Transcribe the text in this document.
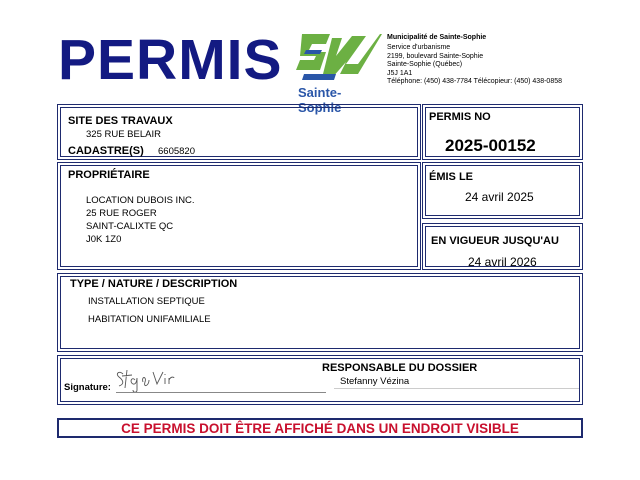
PERMIS
Sainte-Sophie
Municipalité de Sainte-Sophie
Service d'urbanisme
2199, boulevard Sainte-Sophie
Sainte-Sophie (Québec)
J5J 1A1
Téléphone: (450) 438-7784 Télécopieur: (450) 438-0858
SITE DES TRAVAUX
325 RUE BELAIR
CADASTRE(S) 6605820
PERMIS NO
2025-00152
PROPRIÉTAIRE
LOCATION DUBOIS INC.
25 RUE ROGER
SAINT-CALIXTE QC
J0K 1Z0
ÉMIS LE
24 avril 2025
EN VIGUEUR JUSQU'AU
24 avril 2026
TYPE / NATURE / DESCRIPTION
INSTALLATION SEPTIQUE
HABITATION UNIFAMILIALE
Signature:
RESPONSABLE DU DOSSIER
Stefanny Vézina
CE PERMIS DOIT ÊTRE AFFICHÉ DANS UN ENDROIT VISIBLE
